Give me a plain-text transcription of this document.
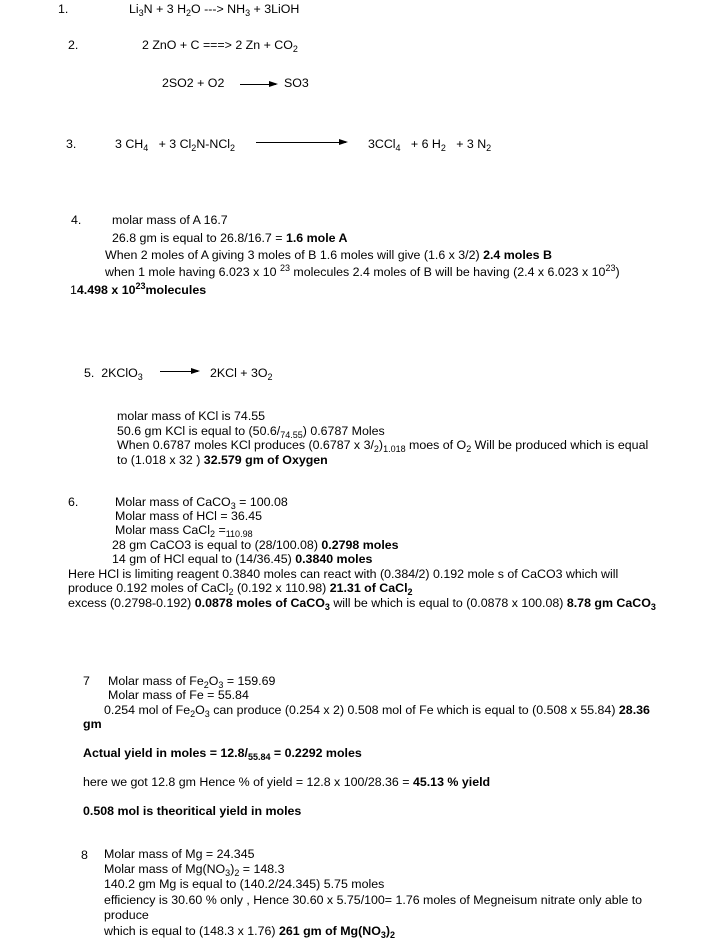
1.	$Li_3N + 3$ $H_2O$ ---> $NH_3$ + 3LiOH
2.	2 ZnO + C ===> 2 $Zn + CO_2$
2SO2 + O2 → SO3
3.	3 $CH_4 + 3$ $Cl_2N-NCl_2$	3CCl$_4$ + 6 $H_2 + 3$ $N_2$
4. molar mass of A 16.7
26.8 gm is equal to 26.8/16.7 = 1.6 mole A
When 2 moles of A giving 3 moles of B 1.6 moles will give (1.6 x 3/2) 2.4 moles B
when 1 mole having 6.023 x 10 $^{23}$ molecules 2.4 moles of B will be having (2.4 x 6.023 x $10^{23}$)
14.498 x $10^{23}molecules$
5. 2KClO$_3$ → $2KCl + 3O_2$
molar mass of KCl is 74.55
50.6 gm KCl is equal to $(50.6/_{74.55})$ 0.6787 Moles
When 0.6787 moles KCl produces (0.6787 x $3/_2)_{1.018}$ moes of $O_2$ Will be produced which is equal
to (1.018 x 32 ) 32.579 gm of Oxygen
6.	Molar mass of CaCO$_3$ = 100.08
Molar mass of HCl = 36.45
Molar mass CaCl$_2$ $=_{110.98}$
28 gm CaCO3 is equal to (28/100.08) 0.2798 moles
14 gm of HCl equal to (14/36.45) 0.3840 moles
Here HCl is limiting reagent 0.3840 moles can react with (0.384/2) 0.192 mole s of CaCO3 which will
produce 0.192 moles of CaCl$_2$ (0.192 x 110.98) 21.31 of CaCl$_2$
excess (0.2798-0.192) 0.0878 moles of CaCO$_3$ will be which is equal to (0.0878 x 100.08) 8.78 gm CaCO$_3$
7 Molar mass of $Fe_2O_3 = 159.69$
Molar mass of Fe = 55.84
0.254 mol of $Fe_2O_3$ can produce (0.254 x 2) 0.508 mol of Fe which is equal to (0.508 x 55.84) 28.36
gm
Actual yield in moles = $12.8/_{55.84} = 0.2292$ moles
here we got 12.8 gm Hence % of yield = 12.8 x 100/28.36 = 45.13 % yield
0.508 mol is theoritical yield in moles
8 Molar mass of Mg = 24.345
Molar mass of $Mg(NO_3)_2 = 148.3$
140.2 gm Mg is equal to (140.2/24.345) 5.75 moles
efficiency is 30.60 % only , Hence 30.60 x 5.75/100= 1.76 moles of Megneisum nitrate only able to
produce
which is equal to (148.3 x 1.76) 261 gm of $Mg(NO_3)_2$
